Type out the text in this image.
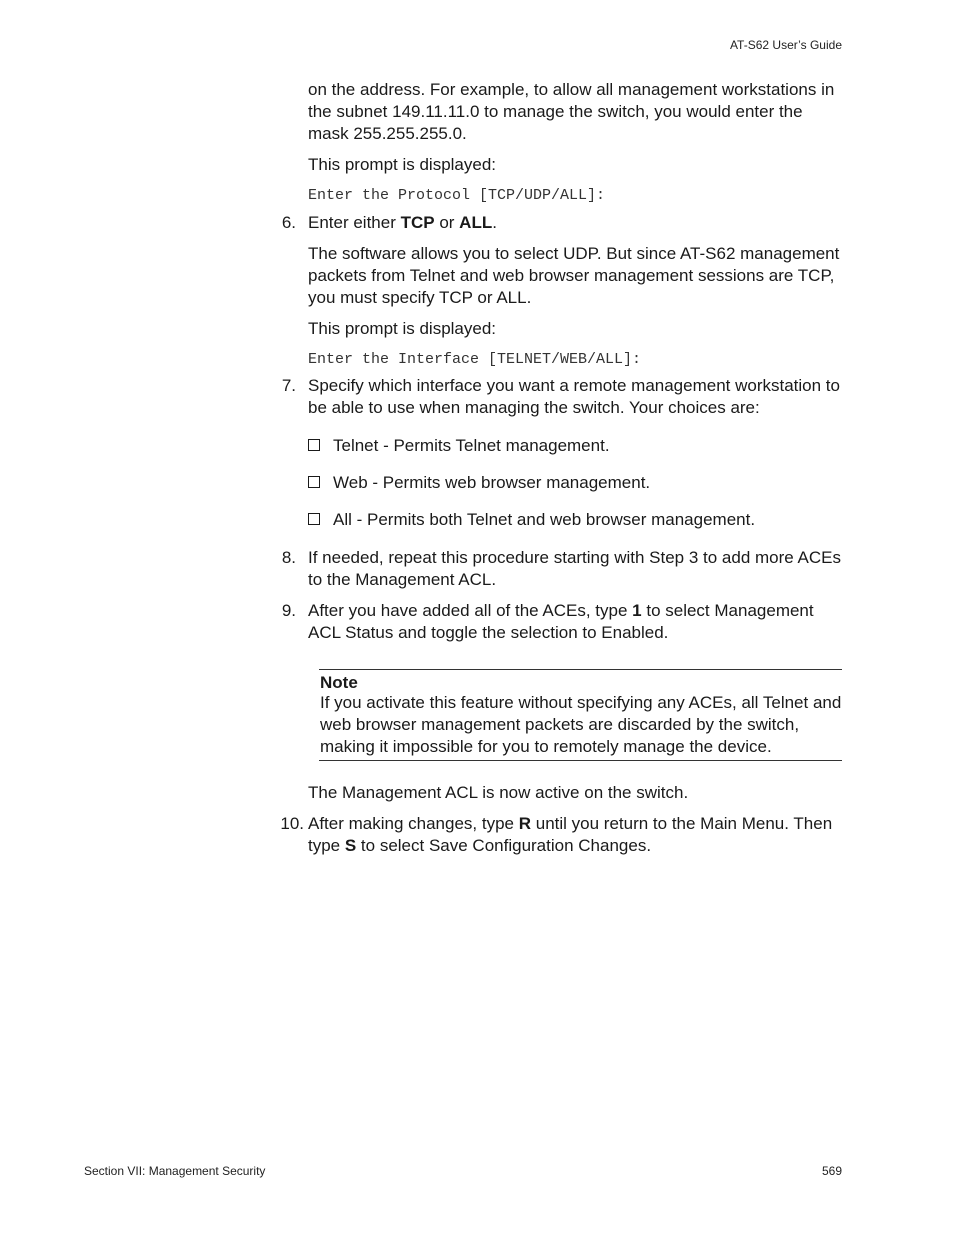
AT-S62 User’s Guide
on the address. For example, to allow all management workstations in the subnet 149.11.11.0 to manage the switch, you would enter the mask 255.255.255.0.
This prompt is displayed:
Enter the Protocol [TCP/UDP/ALL]:
6. Enter either TCP or ALL.
The software allows you to select UDP. But since AT-S62 management packets from Telnet and web browser management sessions are TCP, you must specify TCP or ALL.
This prompt is displayed:
Enter the Interface [TELNET/WEB/ALL]:
7. Specify which interface you want a remote management workstation to be able to use when managing the switch. Your choices are:
Telnet - Permits Telnet management.
Web - Permits web browser management.
All - Permits both Telnet and web browser management.
8. If needed, repeat this procedure starting with Step 3 to add more ACEs to the Management ACL.
9. After you have added all of the ACEs, type 1 to select Management ACL Status and toggle the selection to Enabled.
Note
If you activate this feature without specifying any ACEs, all Telnet and web browser management packets are discarded by the switch, making it impossible for you to remotely manage the device.
The Management ACL is now active on the switch.
10. After making changes, type R until you return to the Main Menu. Then type S to select Save Configuration Changes.
Section VII: Management Security	569
